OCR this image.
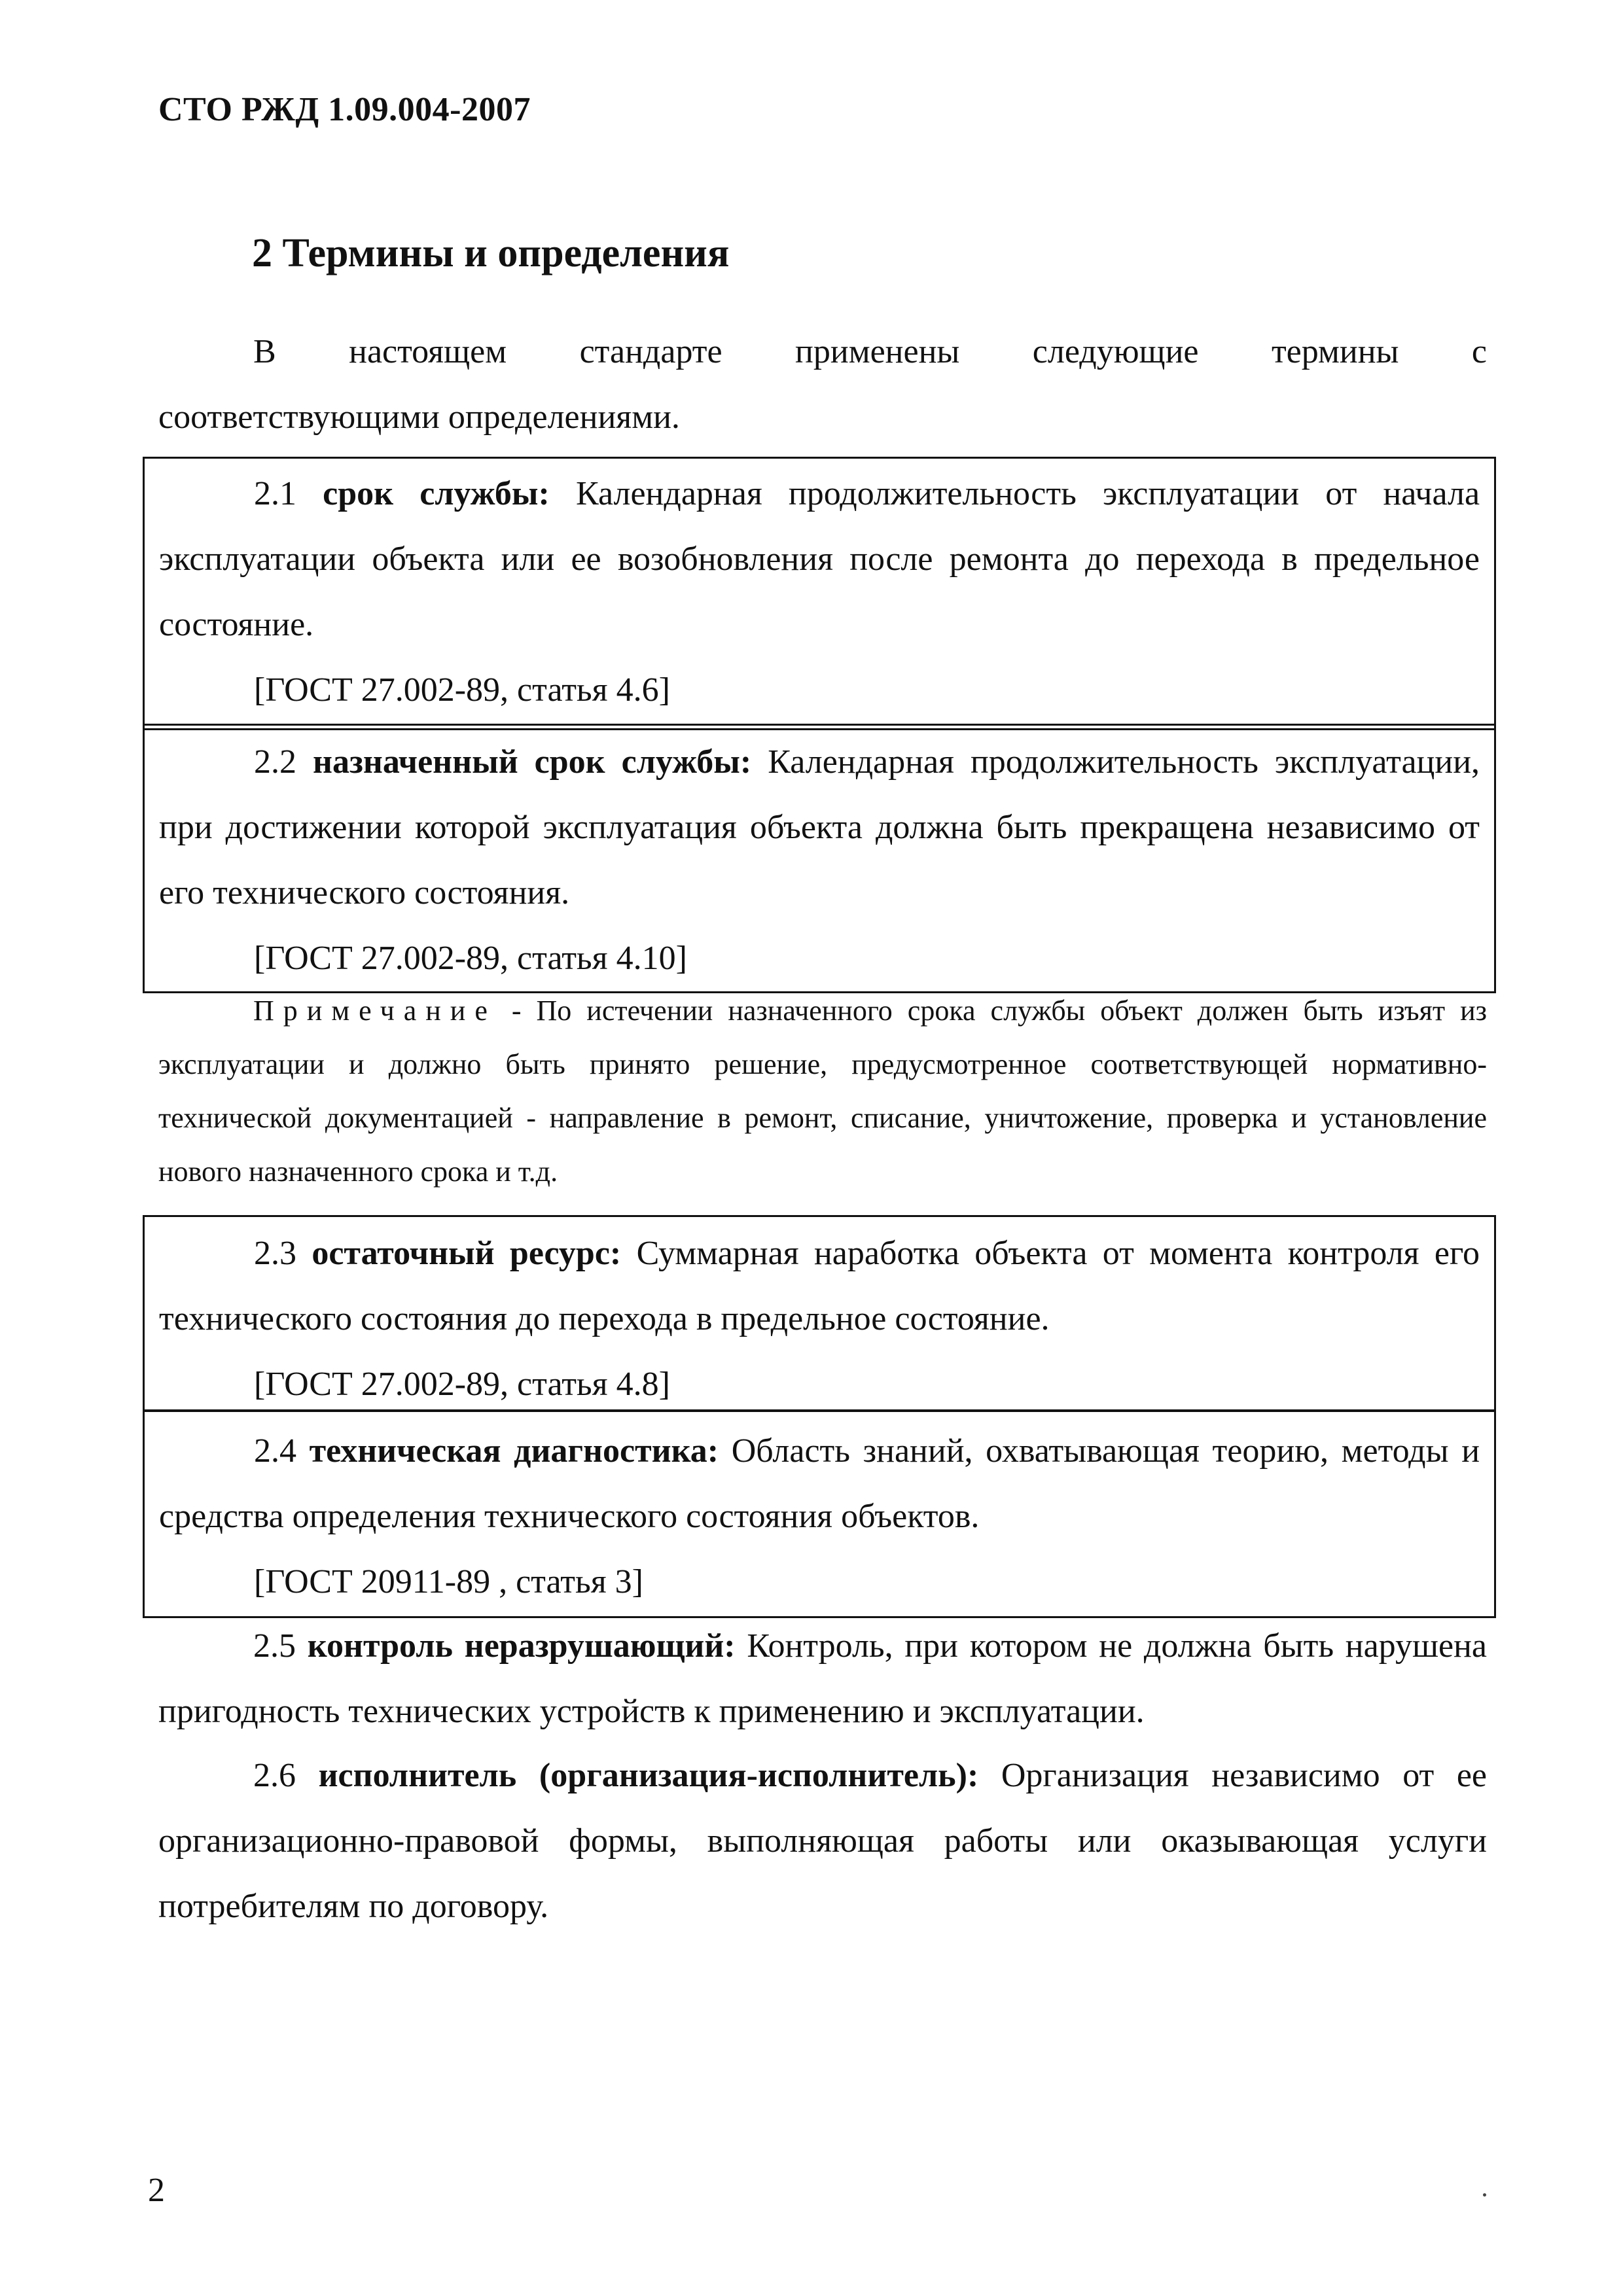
СТО РЖД 1.09.004-2007
2 Термины и определения
В настоящем стандарте применены следующие термины с
соответствующими определениями.

2.1 срок службы: Календарная продолжительность эксплуатации от начала эксплуатации объекта или ее возобновления после ремонта до перехода в предельное состояние.

[ГОСТ 27.002-89, статья 4.6]

2.2 назначенный срок службы: Календарная продолжительность эксплуатации, при достижении которой эксплуатация объекта должна быть прекращена независимо от его технического состояния.

[ГОСТ 27.002-89, статья 4.10]

Примечание - По истечении назначенного срока службы объект должен быть изъят из эксплуатации и должно быть принято решение, предусмотренное соответствующей нормативно-технической документацией - направление в ремонт, списание, уничтожение, проверка и установление нового назначенного срока и т.д.

2.3 остаточный ресурс: Суммарная наработка объекта от момента контроля его технического состояния до перехода в предельное состояние.

[ГОСТ 27.002-89, статья 4.8]

2.4 техническая диагностика: Область знаний, охватывающая теорию, методы и средства определения технического состояния объектов.

[ГОСТ 20911-89 , статья 3]

2.5 контроль неразрушающий: Контроль, при котором не должна быть нарушена пригодность технических устройств к применению и эксплуатации.

2.6 исполнитель (организация-исполнитель): Организация независимо от ее организационно-правовой формы, выполняющая работы или оказывающая услуги потребителям по договору.

2
